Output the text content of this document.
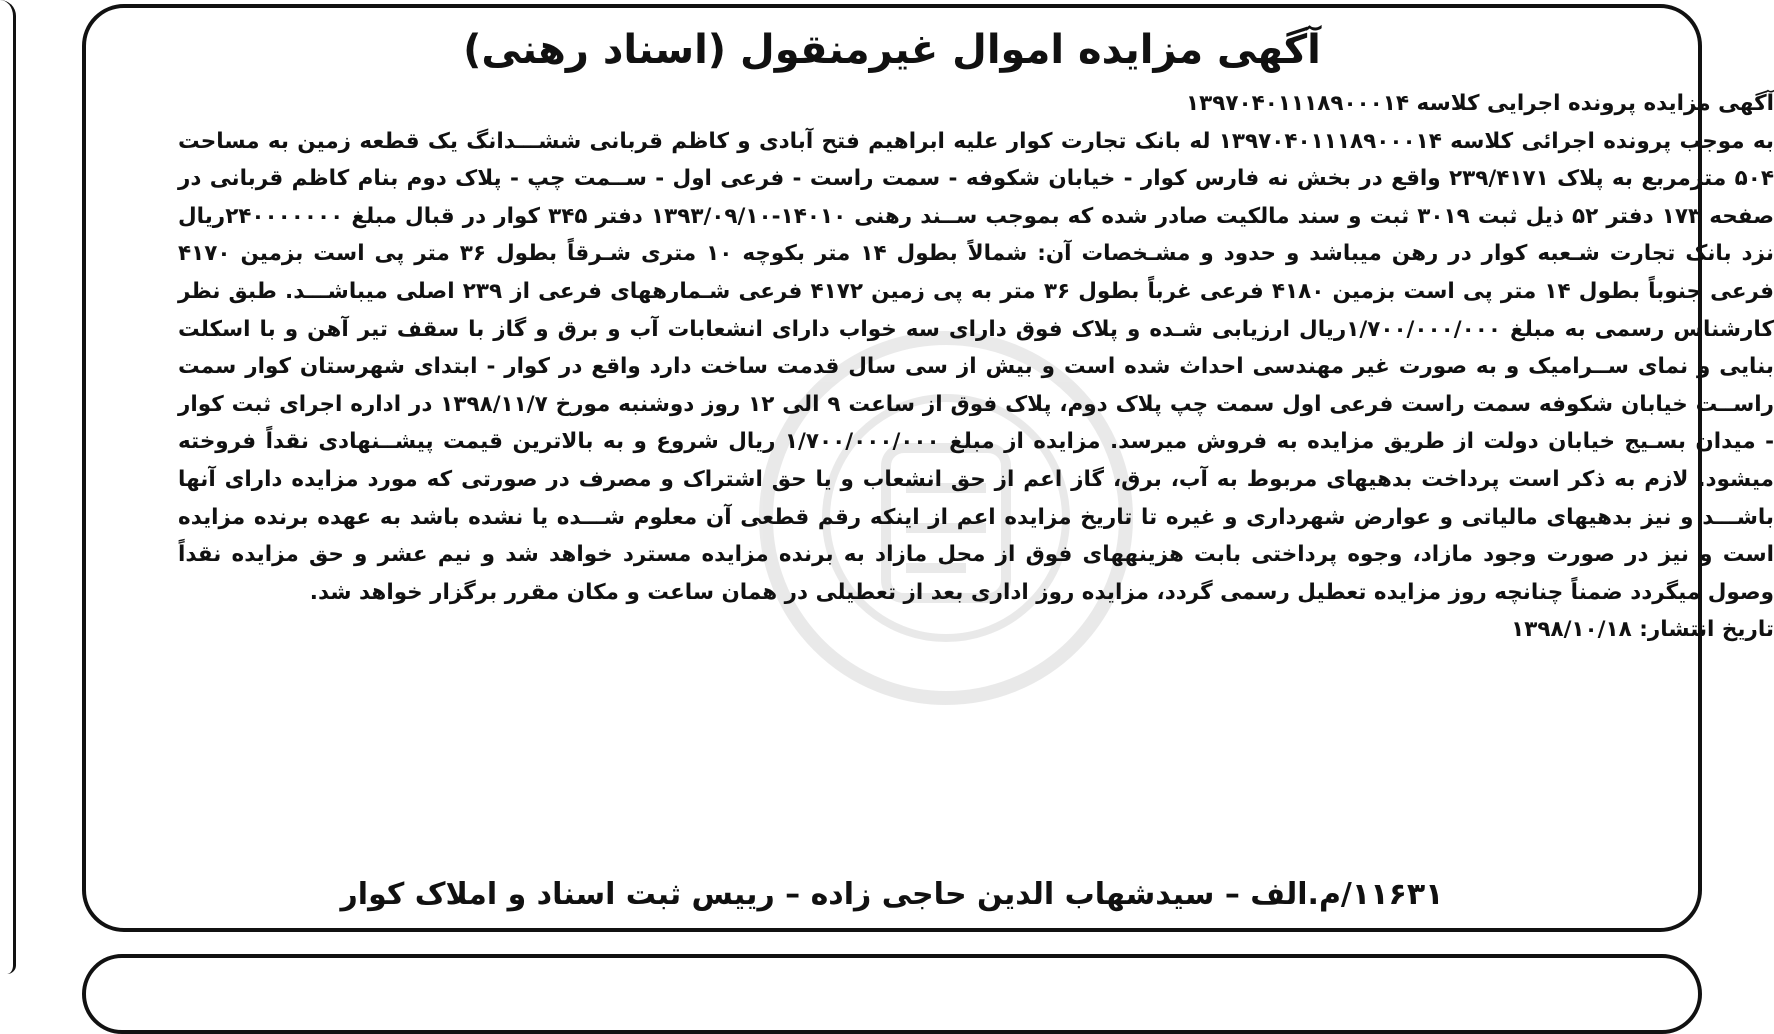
آگهی مزایده اموال غیرمنقول (اسناد رهنی)

آگهی مزایده پرونده اجرایی کلاسه ۱۳۹۷۰۴۰۱۱۱۸۹۰۰۰۱۴

به موجب پرونده اجرائی کلاسه ۱۳۹۷۰۴۰۱۱۱۸۹۰۰۰۱۴ له بانک تجارت کوار علیه ابراهیم فتح آبادی و کاظم قربانی ششـــدانگ یک قطعه زمین به مساحت ۵۰۴ مترمربع به پلاک ۲۳۹/۴۱۷۱ واقع در بخش نه فارس کوار - خیابان شکوفه - سمت راست - فرعی اول - ســمت چپ - پلاک دوم بنام کاظم قربانی در صفحه ۱۷۳ دفتر ۵۲ ذیل ثبت ۳۰۱۹ ثبت و سند مالکیت صادر شده که بموجب ســند رهنی ۱۴۰۱۰-۱۳۹۳/۰۹/۱۰ دفتر ۳۴۵ کوار در قبال مبلغ ۲۴۰۰۰۰۰۰۰ریال نزد بانک تجارت شـعبه کوار در رهن میباشد و حدود و مشـخصات آن: شمالاً بطول ۱۴ متر بکوچه ۱۰ متری شـرقاً بطول ۳۶ متر پی است بزمین ۴۱۷۰ فرعی جنوباً بطول ۱۴ متر پی است بزمین ۴۱۸۰ فرعی غرباً بطول ۳۶ متر به پی زمین ۴۱۷۲ فرعی شـمارههای فرعی از ۲۳۹ اصلی میباشـــد. طبق نظر کارشناس رسمی به مبلغ ۱/۷۰۰/۰۰۰/۰۰۰ریال ارزیابی شـده و پلاک فوق دارای سه خواب دارای انشعابات آب و برق و گاز با سقف تیر آهن و با اسکلت بنایی و نمای ســرامیک و به صورت غیر مهندسی احداث شده است و بیش از سی سال قدمت ساخت دارد واقع در کوار - ابتدای شهرستان کوار سمت راســت خیابان شکوفه سمت راست فرعی اول سمت چپ پلاک دوم، پلاک فوق از ساعت ۹ الی ۱۲ روز دوشنبه مورخ ۱۳۹۸/۱۱/۷ در اداره اجرای ثبت کوار - میدان بسـیج خیابان دولت از طریق مزایده به فروش میرسد. مزایده از مبلغ ۱/۷۰۰/۰۰۰/۰۰۰ ریال شروع و به بالاترین قیمت پیشــنهادی نقداً فروخته میشود. لازم به ذکر است پرداخت بدهیهای مربوط به آب، برق، گاز اعم از حق انشعاب و یا حق اشتراک و مصرف در صورتی که مورد مزایده دارای آنها باشـــد و نیز بدهیهای مالیاتی و عوارض شهرداری و غیره تا تاریخ مزایده اعم از اینکه رقم قطعی آن معلوم شـــده یا نشده باشد به عهده برنده مزایده است و نیز در صورت وجود مازاد، وجوه پرداختی بابت هزینههای فوق از محل مازاد به برنده مزایده مسترد خواهد شد و نیم عشر و حق مزایده نقداً وصول میگردد ضمناً چنانچه روز مزایده تعطیل رسمی گردد، مزایده روز اداری بعد از تعطیلی در همان ساعت و مکان مقرر برگزار خواهد شد.

تاریخ انتشار: ۱۳۹۸/۱۰/۱۸

۱۱۶۳۱/م.الف – سیدشهاب الدین حاجی زاده – رییس ثبت اسناد و املاک کوار
